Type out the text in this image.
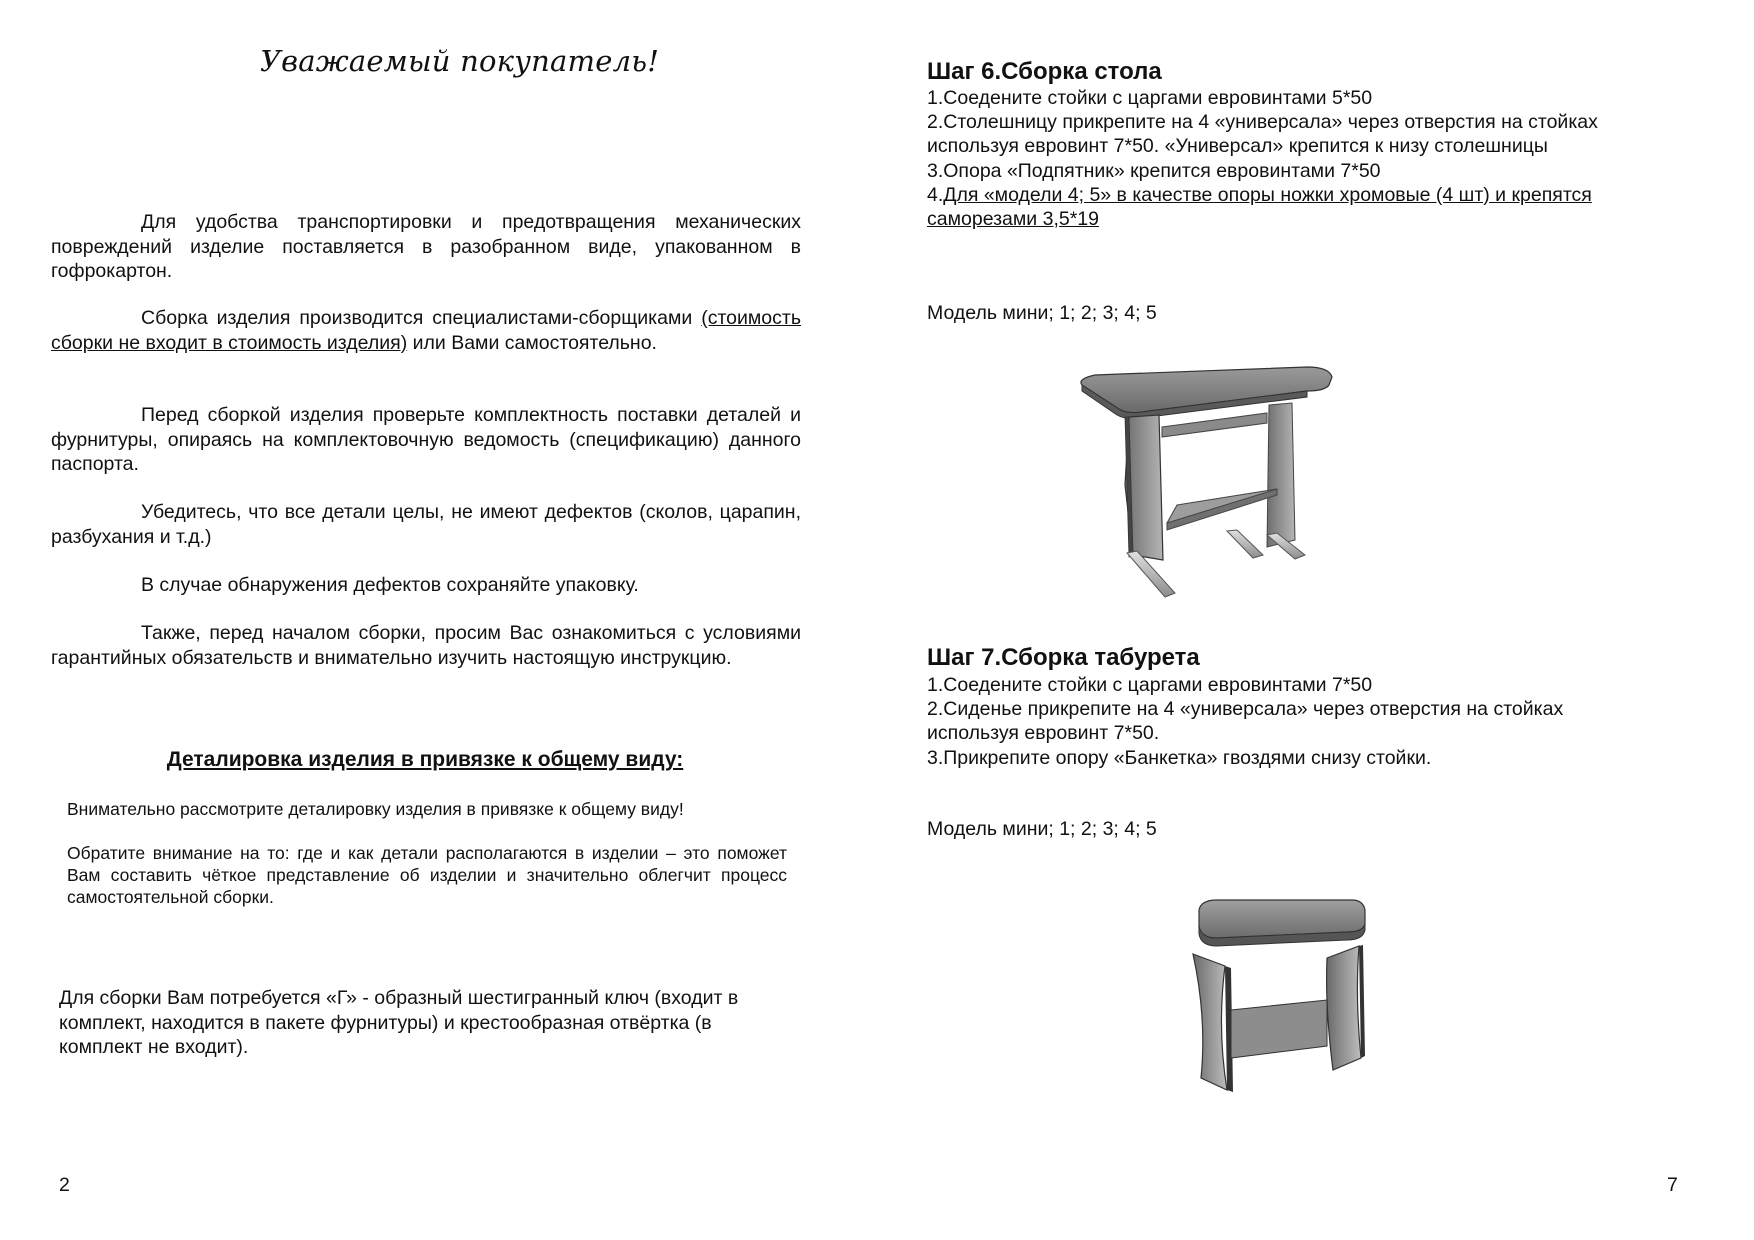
Уважаемый покупатель!

Для удобства транспортировки и предотвращения механических повреждений изделие поставляется в разобранном виде, упакованном в гофрокартон.

Сборка изделия производится специалистами-сборщиками (стоимость сборки не входит в стоимость изделия) или Вами самостоятельно.

Перед сборкой изделия проверьте комплектность поставки деталей и фурнитуры, опираясь на комплектовочную ведомость (спецификацию) данного паспорта.

Убедитесь, что все детали целы, не имеют дефектов (сколов, царапин, разбухания и т.д.)

В случае обнаружения дефектов сохраняйте упаковку.

Также, перед началом сборки, просим Вас ознакомиться с условиями гарантийных обязательств и внимательно изучить настоящую инструкцию.

Деталировка изделия в привязке к общему виду:

Внимательно рассмотрите деталировку изделия в привязке к общему виду!

Обратите внимание на то: где и как детали располагаются в изделии – это поможет Вам составить чёткое представление об изделии и значительно облегчит процесс самостоятельной сборки.

Для сборки Вам потребуется «Г» - образный шестигранный ключ (входит в комплект, находится в пакете фурнитуры) и крестообразная отвёртка (в комплект не входит).
2
Шаг 6.Сборка стола
1.Соедените стойки с царгами евровинтами 5*50
2.Столешницу прикрепите на 4 «универсала» через отверстия на стойках
используя евровинт 7*50. «Универсал» крепится к низу столешницы
3.Опора «Подпятник» крепится евровинтами 7*50
4.Для «модели 4; 5» в качестве опоры ножки хромовые (4 шт) и крепятся
саморезами 3,5*19
Модель мини; 1; 2; 3; 4; 5
Шаг 7.Сборка табурета
1.Соедените стойки с царгами евровинтами 7*50
2.Сиденье прикрепите на 4 «универсала» через отверстия на стойках
используя евровинт 7*50.
3.Прикрепите опору «Банкетка» гвоздями снизу стойки.
Модель мини; 1; 2; 3; 4; 5
7
